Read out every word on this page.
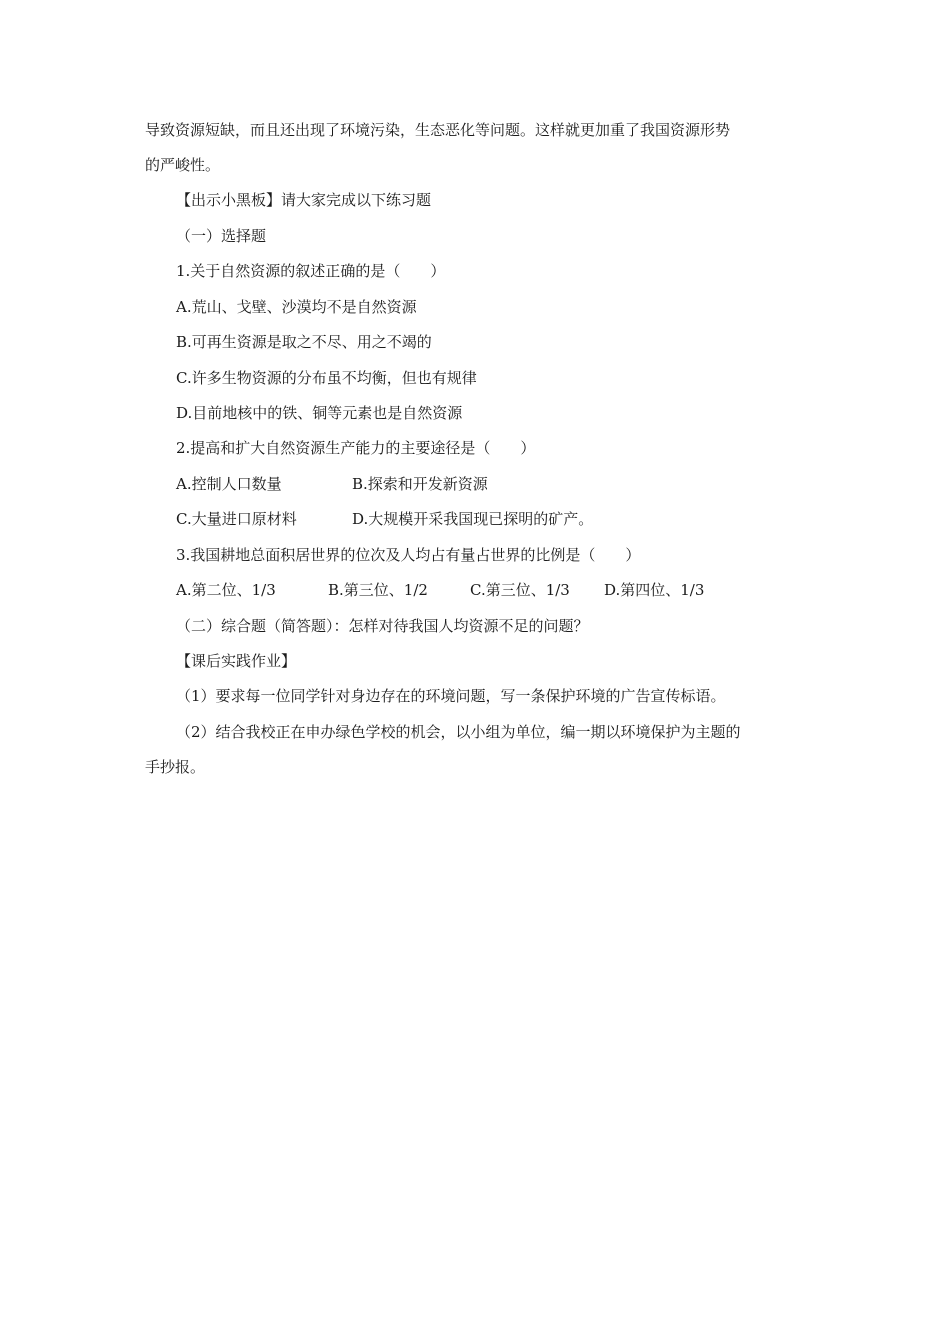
导致资源短缺，而且还出现了环境污染，生态恶化等问题。这样就更加重了我国资源形势
的严峻性。
【出示小黑板】请大家完成以下练习题
（一）选择题
1.关于自然资源的叙述正确的是（　　）
A.荒山、戈壁、沙漠均不是自然资源
B.可再生资源是取之不尽、用之不竭的
C.许多生物资源的分布虽不均衡，但也有规律
D.目前地核中的铁、铜等元素也是自然资源
2.提高和扩大自然资源生产能力的主要途径是（　　）
A.控制人口数量	B.探索和开发新资源
C.大量进口原材料	D.大规模开采我国现已探明的矿产。
3.我国耕地总面积居世界的位次及人均占有量占世界的比例是（　　）
A.第二位、1/3	B.第三位、1/2	C.第三位、1/3 D.第四位、1/3
（二）综合题（简答题）：怎样对待我国人均资源不足的问题？
【课后实践作业】
（1）要求每一位同学针对身边存在的环境问题，写一条保护环境的广告宣传标语。
（2）结合我校正在申办绿色学校的机会，以小组为单位，编一期以环境保护为主题的
手抄报。
